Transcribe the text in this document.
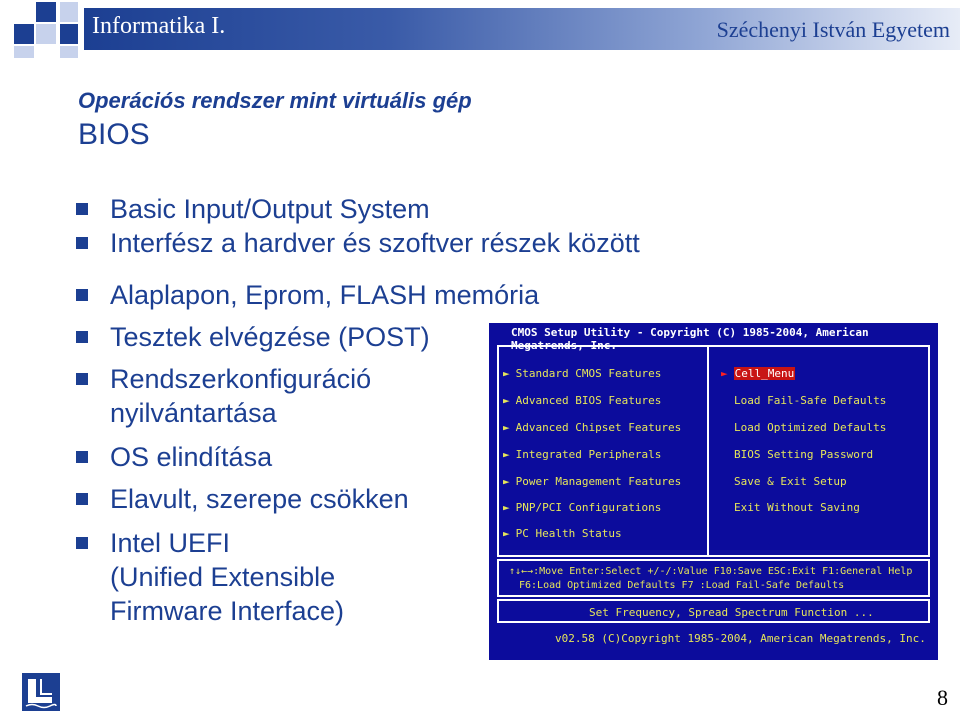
Informatika I.	Széchenyi István Egyetem
Operációs rendszer mint virtuális gép
BIOS
Basic Input/Output System
Interfész a hardver és szoftver részek között
Alaplapon, Eprom, FLASH memória
Tesztek elvégzése (POST)
Rendszerkonfiguráció
nyilvántartása
OS elindítása
Elavult, szerepe csökken
Intel UEFI
(Unified Extensible
Firmware Interface)
CMOS Setup Utility - Copyright (C) 1985-2004, American Megatrends, Inc.
► Standard CMOS Features
► Advanced BIOS Features
► Advanced Chipset Features
► Integrated Peripherals
► Power Management Features
► PNP/PCI Configurations
► PC Health Status
► Cell_Menu
Load Fail-Safe Defaults
Load Optimized Defaults
BIOS Setting Password
Save & Exit Setup
Exit Without Saving
↑↓←→:Move Enter:Select +/-/:Value F10:Save ESC:Exit F1:General Help
F6:Load Optimized Defaults F7 :Load Fail-Safe Defaults
Set Frequency, Spread Spectrum Function ...
v02.58 (C)Copyright 1985-2004, American Megatrends, Inc.
8
